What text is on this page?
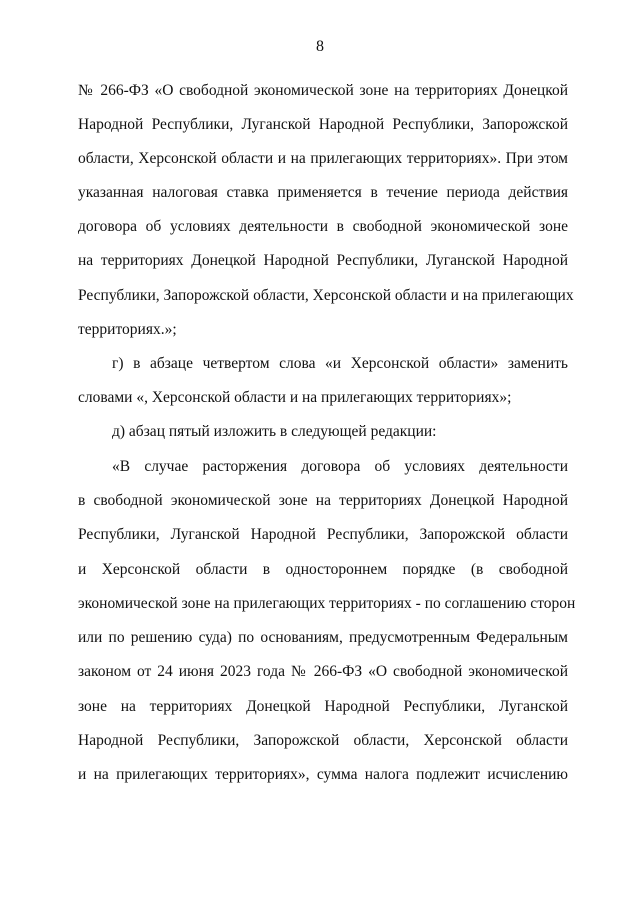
8
№ 266-ФЗ «О свободной экономической зоне на территориях Донецкой
Народной Республики, Луганской Народной Республики, Запорожской
области, Херсонской области и на прилегающих территориях». При этом
указанная налоговая ставка применяется в течение периода действия
договора об условиях деятельности в свободной экономической зоне
на территориях Донецкой Народной Республики, Луганской Народной
Республики, Запорожской области, Херсонской области и на прилегающих
территориях.»;
г) в абзаце четвертом слова «и Херсонской области» заменить
словами «, Херсонской области и на прилегающих территориях»;
д) абзац пятый изложить в следующей редакции:
«В случае расторжения договора об условиях деятельности
в свободной экономической зоне на территориях Донецкой Народной
Республики, Луганской Народной Республики, Запорожской области
и Херсонской области в одностороннем порядке (в свободной
экономической зоне на прилегающих территориях - по соглашению сторон
или по решению суда) по основаниям, предусмотренным Федеральным
законом от 24 июня 2023 года № 266-ФЗ «О свободной экономической
зоне на территориях Донецкой Народной Республики, Луганской
Народной Республики, Запорожской области, Херсонской области
и на прилегающих территориях», сумма налога подлежит исчислению
